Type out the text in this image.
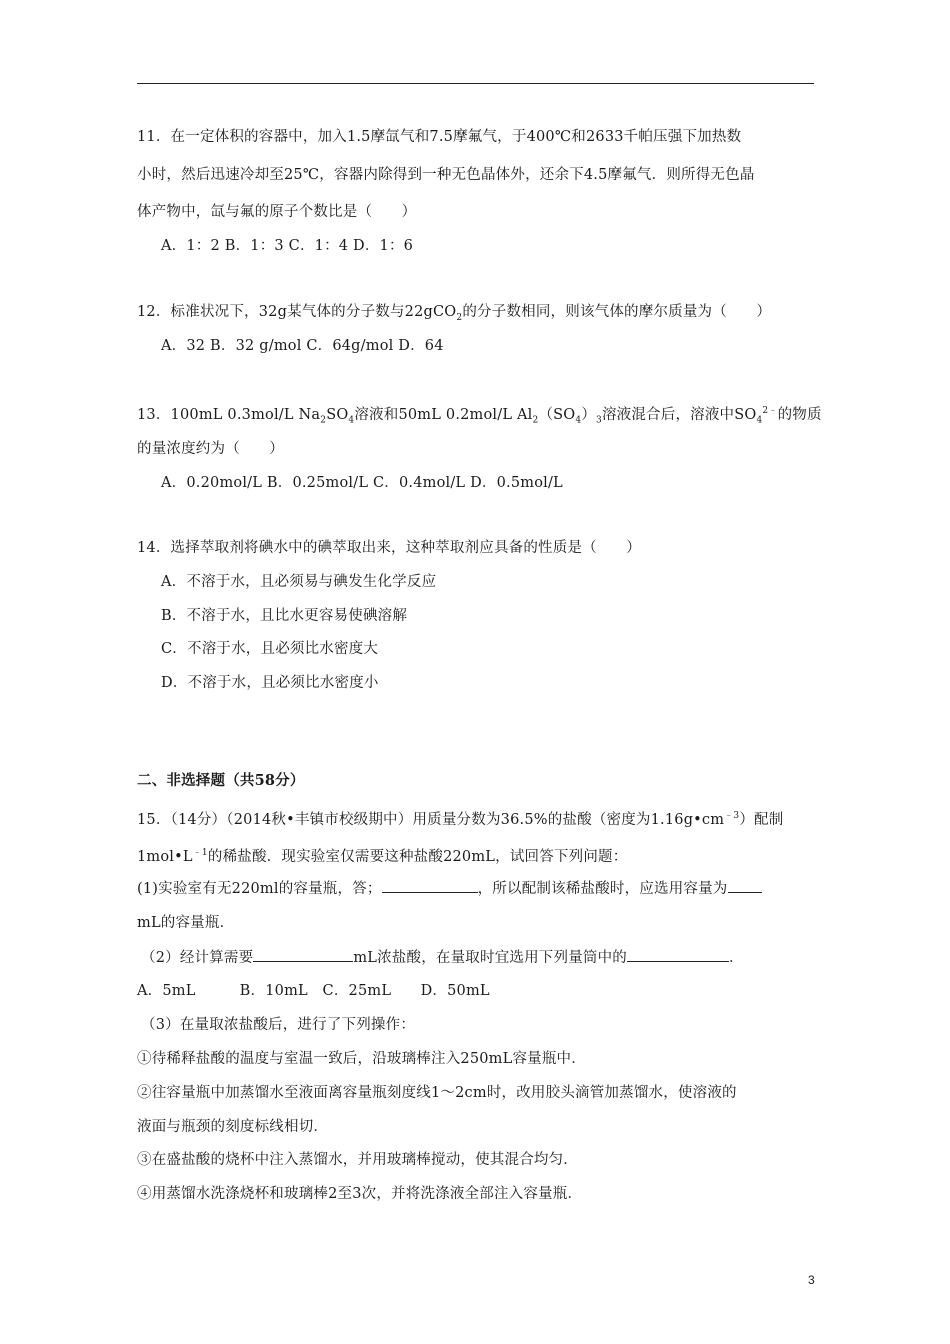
11．在一定体积的容器中，加入1.5摩氙气和7.5摩氟气，于400℃和2633千帕压强下加热数
小时，然后迅速冷却至25℃，容器内除得到一种无色晶体外，还余下4.5摩氟气．则所得无色晶
体产物中，氙与氟的原子个数比是（　　）
A．1：2 B．1：3 C．1：4 D．1：6
12．标准状况下，32g某气体的分子数与22gCO$_2$的分子数相同，则该气体的摩尔质量为（　　）
A．32 B．32 g/mol C．64g/mol D．64
13．100mL 0.3mol/L $Na_2SO_4$溶液和50mL 0.2mol/L $Al_2(SO_4)_3$溶液混合后，溶液中$SO_4^{2﹣}$的物质
的量浓度约为（　　）
A．0.20mol/L B．0.25mol/L C．0.4mol/L D．0.5mol/L
14．选择萃取剂将碘水中的碘萃取出来，这种萃取剂应具备的性质是（　　）
A．不溶于水，且必须易与碘发生化学反应
B．不溶于水，且比水更容易使碘溶解
C．不溶于水，且必须比水密度大
D．不溶于水，且必须比水密度小
二、非选择题（共58分）
15．（14分）（2014秋•丰镇市校级期中）用质量分数为36.5%的盐酸（密度为$1.16g•cm^{﹣3}$）配制
$1mol•L^{﹣1}$的稀盐酸．现实验室仅需要这种盐酸220mL，试回答下列问题：
(1)实验室有无220ml的容量瓶，答；	，所以配制该稀盐酸时，应选用容量为
mL的容量瓶．
（2）经计算需要	mL浓盐酸，在量取时宜选用下列量筒中的	．
A．5mL　　　B．10mL　C．25mL　　D．50mL
（3）在量取浓盐酸后，进行了下列操作：
①待稀释盐酸的温度与室温一致后，沿玻璃棒注入250mL容量瓶中．
②往容量瓶中加蒸馏水至液面离容量瓶刻度线1～2cm时，改用胶头滴管加蒸馏水，使溶液的
液面与瓶颈的刻度标线相切．
③在盛盐酸的烧杯中注入蒸馏水，并用玻璃棒搅动，使其混合均匀．
④用蒸馏水洗涤烧杯和玻璃棒2至3次，并将洗涤液全部注入容量瓶．
3
